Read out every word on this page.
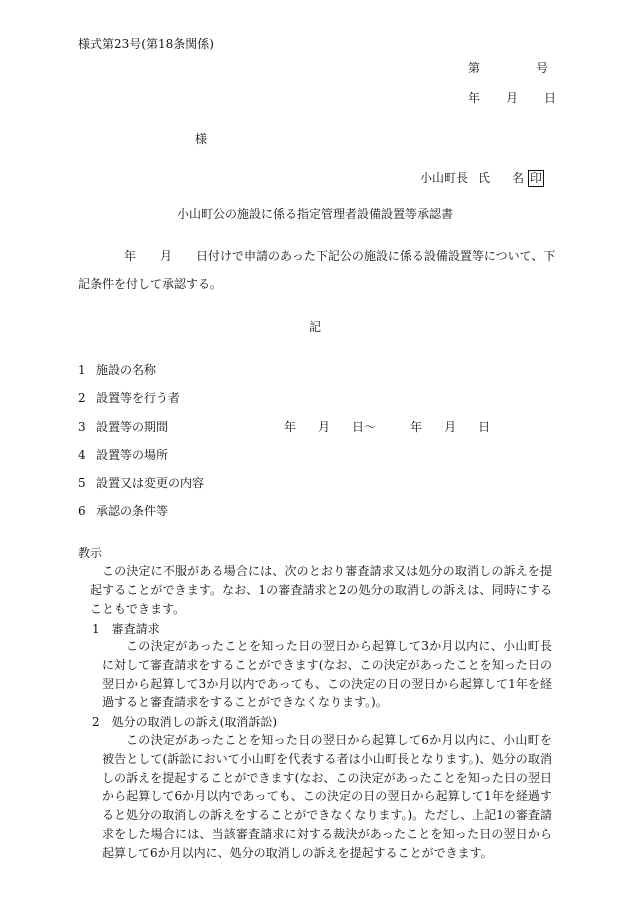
様式第23号(第18条関係)
第	号
年 月 日
様
小山町長 氏 名 印
小山町公の施設に係る指定管理者設備設置等承認書
年 月 日付けで申請のあった下記公の施設に係る設備設置等について、下
記条件を付して承認する。
記
1 施設の名称
2 設置等を行う者
3 設置等の期間	年 月 日〜	年 月 日
4 設置等の場所
5 設置又は変更の内容
6 承認の条件等
教示
この決定に不服がある場合には、次のとおり審査請求又は処分の取消しの訴えを提起することができます。なお、1の審査請求と2の処分の取消しの訴えは、同時にすることもできます。
1　審査請求
この決定があったことを知った日の翌日から起算して3か月以内に、小山町長に対して審査請求をすることができます(なお、この決定があったことを知った日の翌日から起算して3か月以内であっても、この決定の日の翌日から起算して1年を経過すると審査請求をすることができなくなります。)。
2　処分の取消しの訴え(取消訴訟)
この決定があったことを知った日の翌日から起算して6か月以内に、小山町を被告として(訴訟において小山町を代表する者は小山町長となります。)、処分の取消しの訴えを提起することができます(なお、この決定があったことを知った日の翌日から起算して6か月以内であっても、この決定の日の翌日から起算して1年を経過すると処分の取消しの訴えをすることができなくなります。)。ただし、上記1の審査請求をした場合には、当該審査請求に対する裁決があったことを知った日の翌日から起算して6か月以内に、処分の取消しの訴えを提起することができます。
